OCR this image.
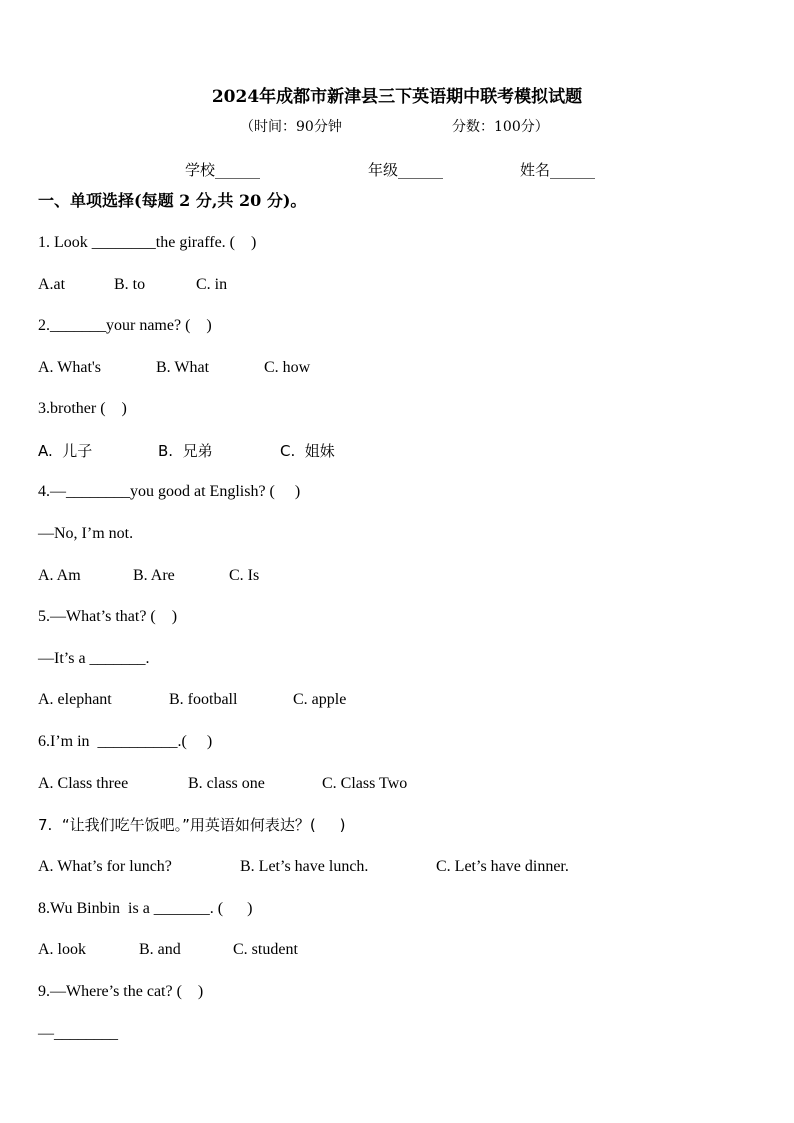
2024年成都市新津县三下英语期中联考模拟试题
（时间：90分钟	分数：100分）
学校______	年级______	姓名______
一、单项选择(每题 2 分,共 20 分)。
1. Look ________the giraffe. (    )
A.at	B. to	C. in
2._______your name? (    )
A. What's	B. What	C. how
3.brother (    )
A.  儿子	B.  兄弟	C.  姐妹
4.—________you good at English? (     )
—No, I’m not.
A. Am	B. Are	C. Is
5.—What’s that? (    )
—It’s a _______.
A. elephant	B. football	C. apple
6.I’m in  __________.(     )
A. Class three	B. class one	C. Class Two
7.  “让我们吃午饭吧。”用英语如何表达？(     )
A. What’s for lunch?	B. Let’s have lunch.	C. Let’s have dinner.
8.Wu Binbin  is a _______. (      )
A. look	B. and	C. student
9.—Where’s the cat? (    )
—________
